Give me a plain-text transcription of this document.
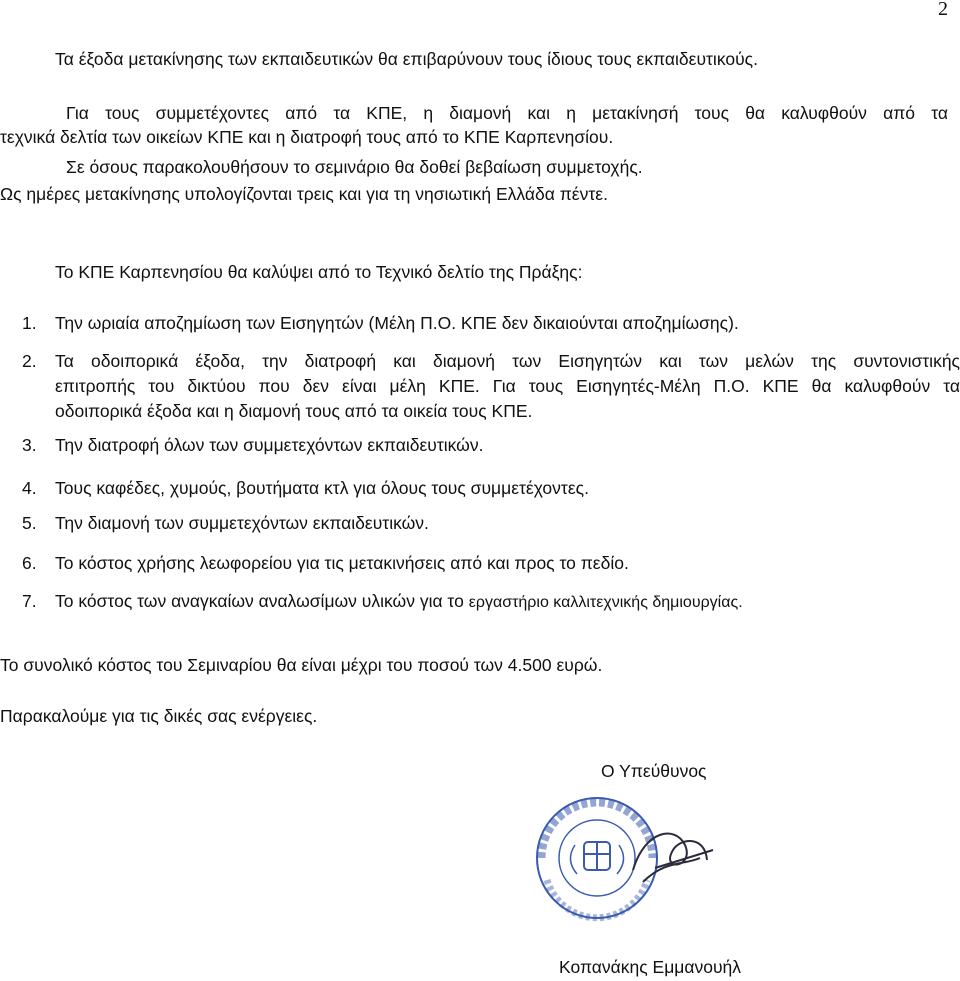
2
Τα έξοδα μετακίνησης των εκπαιδευτικών θα επιβαρύνουν τους ίδιους τους εκπαιδευτικούς.
Για τους συμμετέχοντες από τα ΚΠΕ, η διαμονή και η μετακίνησή τους θα καλυφθούν από τα
τεχνικά δελτία των οικείων ΚΠΕ και η διατροφή τους από το ΚΠΕ Καρπενησίου.
Σε όσους παρακολουθήσουν το σεμινάριο θα δοθεί βεβαίωση συμμετοχής.
Ως ημέρες μετακίνησης υπολογίζονται τρεις και για τη νησιωτική Ελλάδα πέντε.
Το ΚΠΕ Καρπενησίου θα καλύψει από το Τεχνικό δελτίο της Πράξης:
1. Την ωριαία αποζημίωση των Εισηγητών (Μέλη Π.Ο. ΚΠΕ δεν δικαιούνται αποζημίωσης).
2. Τα οδοιπορικά έξοδα, την διατροφή και διαμονή των Εισηγητών και των μελών της συντονιστικής
επιτροπής του δικτύου που δεν είναι μέλη ΚΠΕ. Για τους Εισηγητές-Μέλη Π.Ο. ΚΠΕ θα καλυφθούν τα
οδοιπορικά έξοδα και η διαμονή τους από τα οικεία τους ΚΠΕ.
3. Την διατροφή όλων των συμμετεχόντων εκπαιδευτικών.
4. Τους καφέδες, χυμούς, βουτήματα κτλ για όλους τους συμμετέχοντες.
5. Την διαμονή των συμμετεχόντων εκπαιδευτικών.
6. Το κόστος χρήσης λεωφορείου για τις μετακινήσεις από και προς το πεδίο.
7. Το κόστος των αναγκαίων αναλωσίμων υλικών για το εργαστήριο καλλιτεχνικής δημιουργίας.
Το συνολικό κόστος του Σεμιναρίου θα είναι μέχρι του ποσού των 4.500 ευρώ.
Παρακαλούμε για τις δικές σας ενέργειες.
Ο Υπεύθυνος
Κοπανάκης Εμμανουήλ
